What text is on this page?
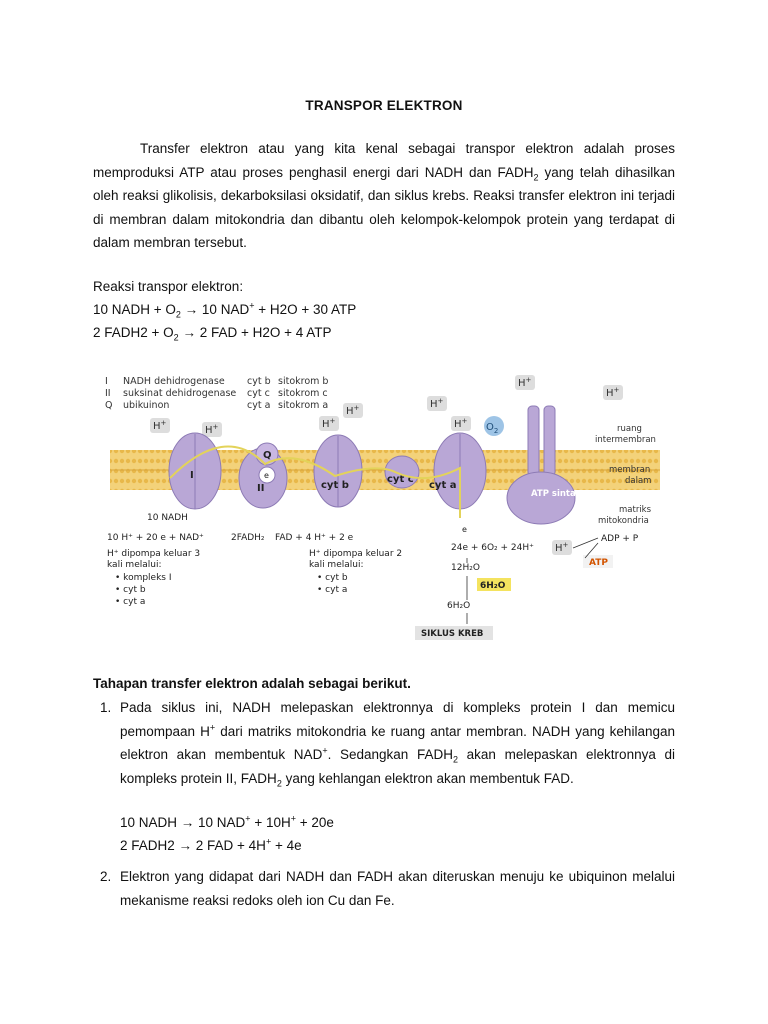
TRANSPOR ELEKTRON
Transfer elektron atau yang kita kenal sebagai transpor elektron adalah proses memproduksi ATP atau proses penghasil energi dari NADH dan $FADH_2$ yang telah dihasilkan oleh reaksi glikolisis, dekarboksilasi oksidatif, dan siklus krebs. Reaksi transfer elektron ini terjadi di membran dalam mitokondria dan dibantu oleh kelompok-kelompok protein yang terdapat di dalam membran tersebut.
Reaksi transpor elektron:
10 NADH + $O_2 \to 10$ NAD+ + H2O + 30 ATP
2 FADH2 + $O_2 \to 2$ FAD + H2O + 4 ATP
I NADH dehidrogenase
II suksinat dehidrogenase
Q ubikuinon
cyt b sitokrom b
cyt c sitokrom c
cyt a sitokrom a
H+
H+
H+
H+
H+
H+
H+
H+
H+
$O_2$
I
II
Q
e
cyt b
cyt c
cyt a
ATP sintase
ruang
intermembran
membran
dalam
matriks
mitokondria
10 NADH
10 H⁺ + 20 e + NAD⁺	2FADH₂ FAD + 4 H⁺ + 2 e
H⁺ dipompa keluar 3
kali melalui:
• kompleks I
• cyt b
• cyt a
H⁺ dipompa keluar 2
kali melalui:
• cyt b
• cyt a
e
24e + 6O₂ + 24H⁺
12H₂O
6H₂O
6H₂O
ADP + P
ATP
SIKLUS KREB
Tahapan transfer elektron adalah sebagai berikut.
1. Pada siklus ini, NADH melepaskan elektronnya di kompleks protein I dan memicu pemompaan H+ dari matriks mitokondria ke ruang antar membran. NADH yang kehilangan elektron akan membentuk NAD+. Sedangkan $FADH_2$ akan melepaskan elektronnya di kompleks protein II, $FADH_2$ yang kehlangan elektron akan membentuk FAD.
10 NADH → 10 NAD+ + 10H+ + 20e
2 FADH2 → 2 FAD + 4H+ + 4e
2. Elektron yang didapat dari NADH dan FADH akan diteruskan menuju ke ubiquinon melalui mekanisme reaksi redoks oleh ion Cu dan Fe.
